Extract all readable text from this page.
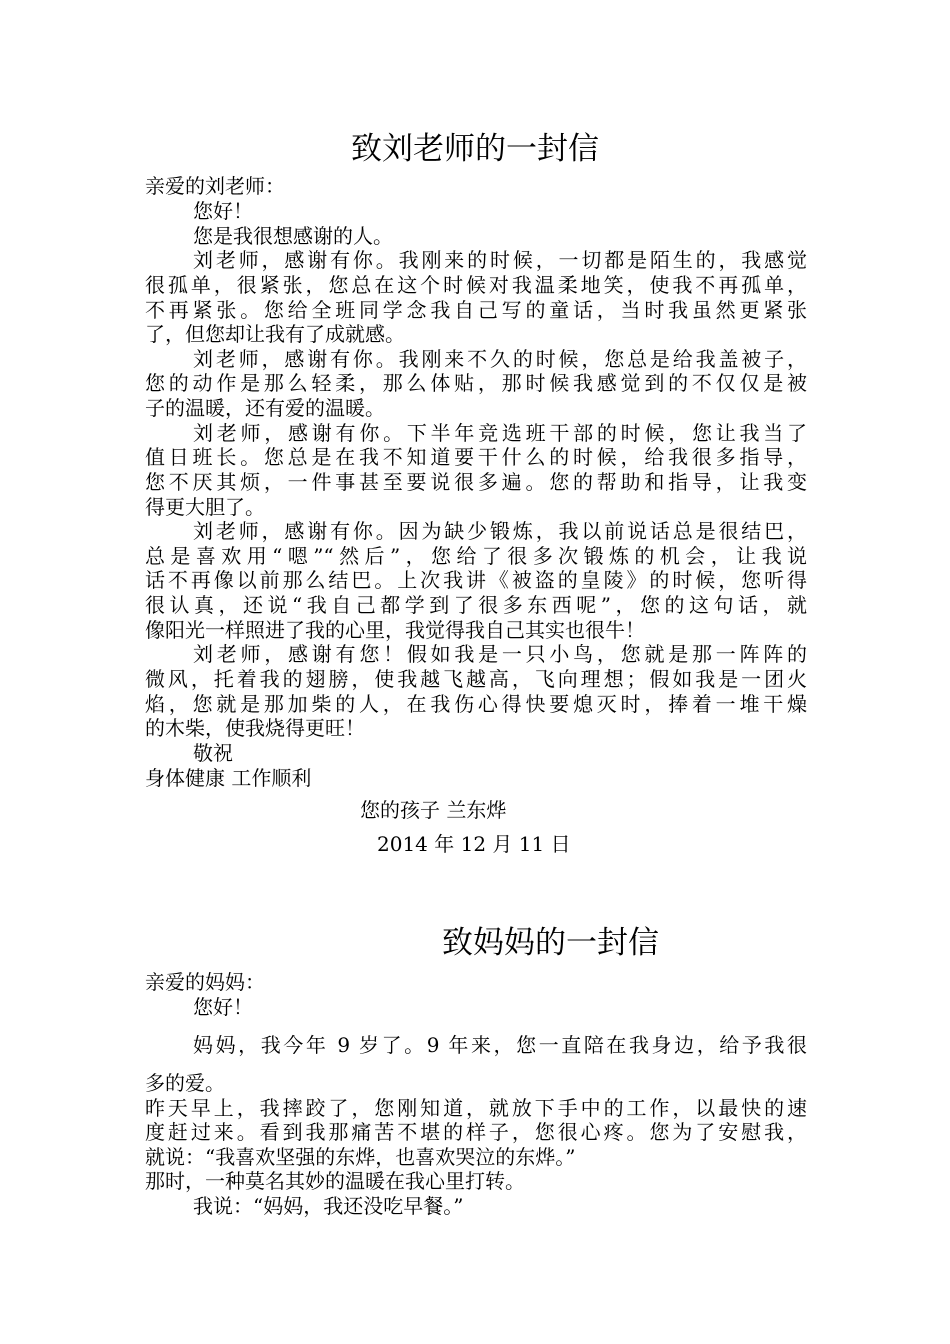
致刘老师的一封信
亲爱的刘老师：
您好！
您是我很想感谢的人。
刘老师，感谢有你。我刚来的时候，一切都是陌生的，我感觉
很孤单，很紧张，您总在这个时候对我温柔地笑，使我不再孤单，
不再紧张。您给全班同学念我自己写的童话，当时我虽然更紧张
了，但您却让我有了成就感。
刘老师，感谢有你。我刚来不久的时候，您总是给我盖被子，
您的动作是那么轻柔，那么体贴，那时候我感觉到的不仅仅是被
子的温暖，还有爱的温暖。
刘老师，感谢有你。下半年竞选班干部的时候，您让我当了
值日班长。您总是在我不知道要干什么的时候，给我很多指导，
您不厌其烦，一件事甚至要说很多遍。您的帮助和指导，让我变
得更大胆了。
刘老师，感谢有你。因为缺少锻炼，我以前说话总是很结巴，
总是喜欢用“嗯”“然后”，您给了很多次锻炼的机会，让我说
话不再像以前那么结巴。上次我讲《被盗的皇陵》的时候，您听得
很认真，还说“我自己都学到了很多东西呢”，您的这句话，就
像阳光一样照进了我的心里，我觉得我自己其实也很牛！
刘老师，感谢有您！假如我是一只小鸟，您就是那一阵阵的
微风，托着我的翅膀，使我越飞越高，飞向理想；假如我是一团火
焰，您就是那加柴的人，在我伤心得快要熄灭时，捧着一堆干燥
的木柴，使我烧得更旺！
敬祝
身体健康 工作顺利
您的孩子 兰东烨
2014 年 12 月 11 日
致妈妈的一封信
亲爱的妈妈：
您好！
妈妈，我今年 9 岁了。9 年来，您一直陪在我身边，给予我很
多的爱。
昨天早上，我摔跤了，您刚知道，就放下手中的工作，以最快的速
度赶过来。看到我那痛苦不堪的样子，您很心疼。您为了安慰我，
就说：“我喜欢坚强的东烨，也喜欢哭泣的东烨。”
那时，一种莫名其妙的温暖在我心里打转。
我说：“妈妈，我还没吃早餐。”
